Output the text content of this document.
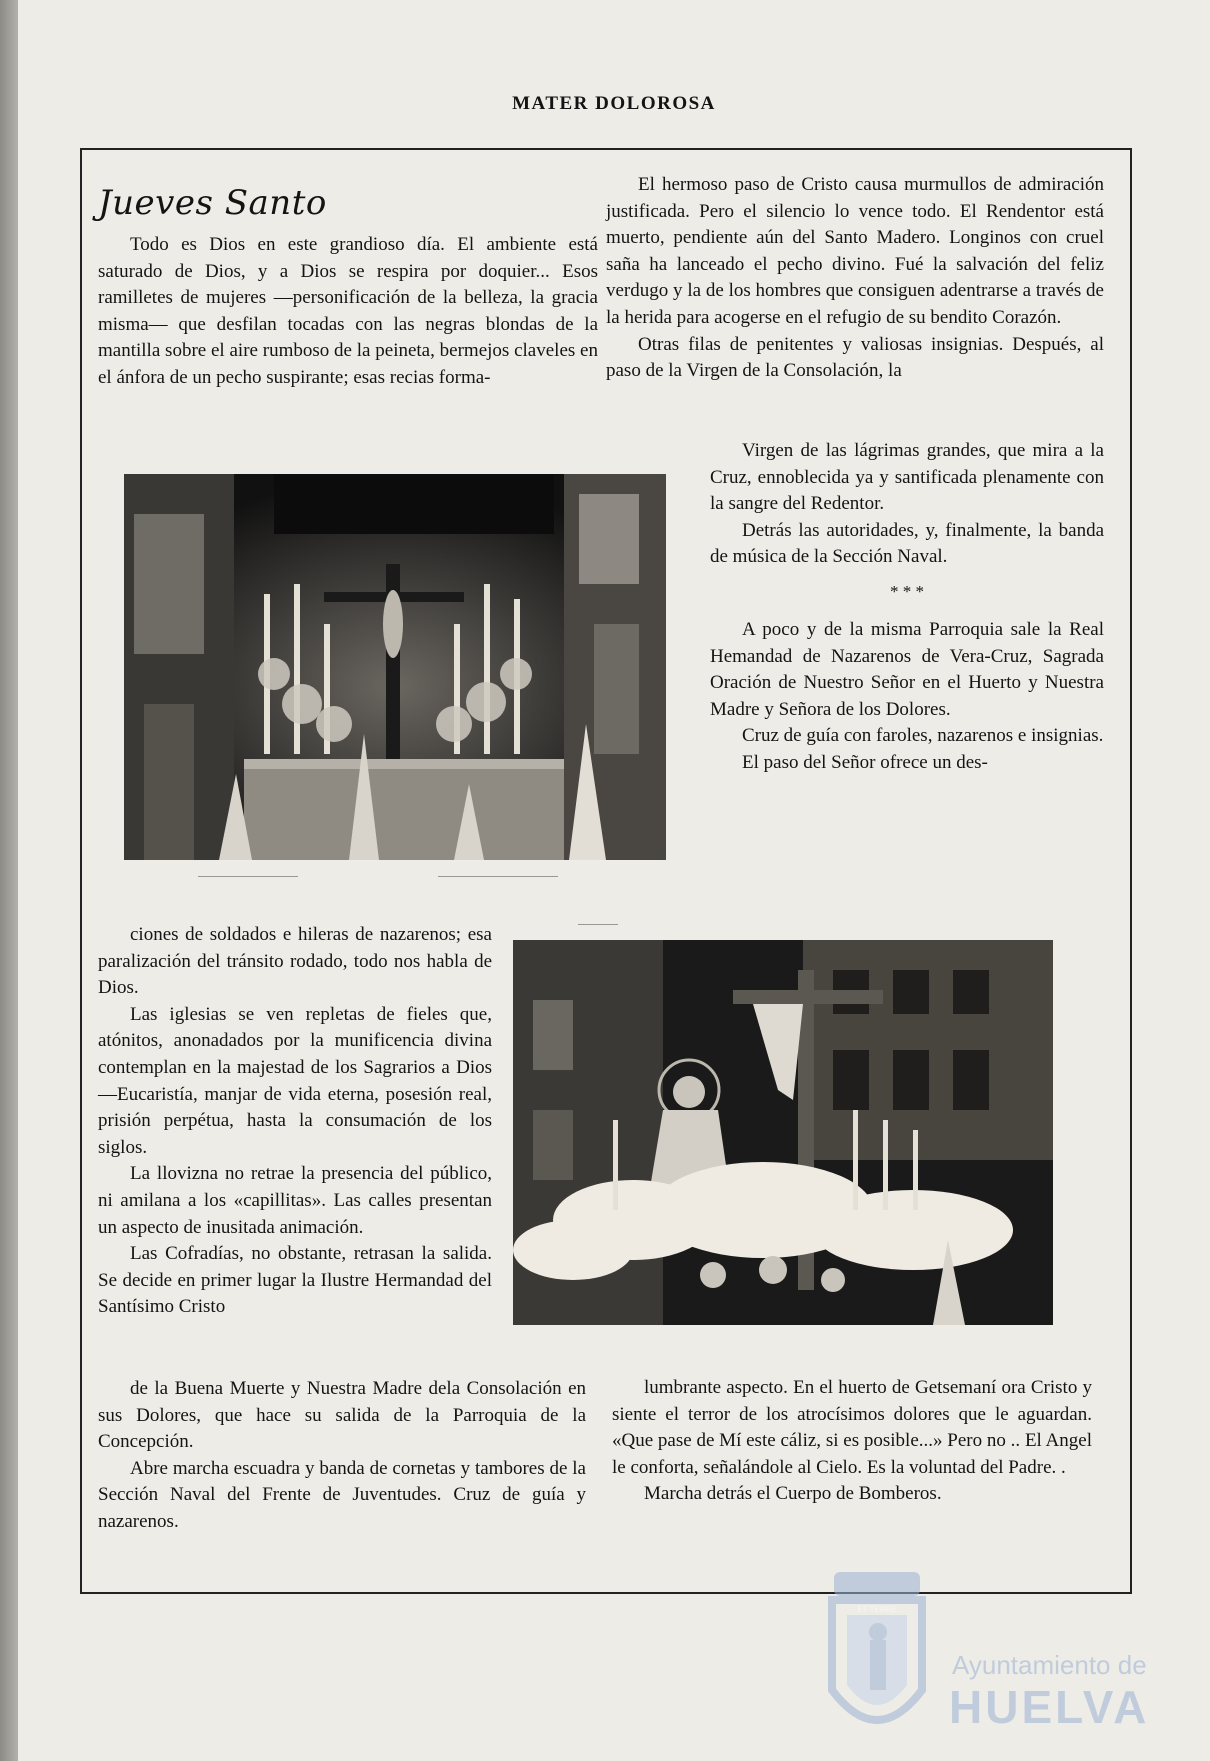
MATER DOLOROSA
Jueves Santo

Todo es Dios en este grandioso día. El ambiente está saturado de Dios, y a Dios se respira por doquier... Esos ramilletes de mujeres —personificación de la belleza, la gracia misma— que desfilan tocadas con las negras blondas de la mantilla sobre el aire rumboso de la peineta, bermejos claveles en el ánfora de un pecho suspirante; esas recias forma-

El hermoso paso de Cristo causa murmullos de admiración justificada. Pero el silencio lo vence todo. El Rendentor está muerto, pendiente aún del Santo Madero. Longinos con cruel saña ha lanceado el pecho divino. Fué la salvación del feliz verdugo y la de los hombres que consiguen adentrarse a través de la herida para acogerse en el refugio de su bendito Corazón.

Otras filas de penitentes y valiosas insignias. Después, al paso de la Virgen de la Consolación, la

Virgen de las lágrimas grandes, que mira a la Cruz, ennoblecida ya y santificada plenamente con la sangre del Redentor.

Detrás las autoridades, y, finalmente, la banda de música de la Sección Naval.

* * *

A poco y de la misma Parroquia sale la Real Hemandad de Nazarenos de Vera-Cruz, Sagrada Oración de Nuestro Señor en el Huerto y Nuestra Madre y Señora de los Dolores.

Cruz de guía con faroles, nazarenos e insignias.

El paso del Señor ofrece un des-

ciones de soldados e hileras de nazarenos; esa paralización del tránsito rodado, todo nos habla de Dios.

Las iglesias se ven repletas de fieles que, atónitos, anonadados por la munificencia divina contemplan en la majestad de los Sagrarios a Dios—Eucaristía, manjar de vida eterna, posesión real, prisión perpétua, hasta la consumación de los siglos.

La llovizna no retrae la presencia del público, ni amilana a los «capillitas». Las calles presentan un aspecto de inusitada animación.

Las Cofradías, no obstante, retrasan la salida. Se decide en primer lugar la Ilustre Hermandad del Santísimo Cristo

de la Buena Muerte y Nuestra Madre dela Consolación en sus Dolores, que hace su salida de la Parroquia de la Concepción.

Abre marcha escuadra y banda de cornetas y tambores de la Sección Naval del Frente de Juventudes. Cruz de guía y nazarenos.

lumbrante aspecto. En el huerto de Getsemaní ora Cristo y siente el terror de los atrocísimos dolores que le aguardan. «Que pase de Mí este cáliz, si es posible...» Pero no .. El Angel le conforta, señalándole al Cielo. Es la voluntad del Padre. .

Marcha detrás el Cuerpo de Bomberos.

ET TERRE
Ayuntamiento de
HUELVA
